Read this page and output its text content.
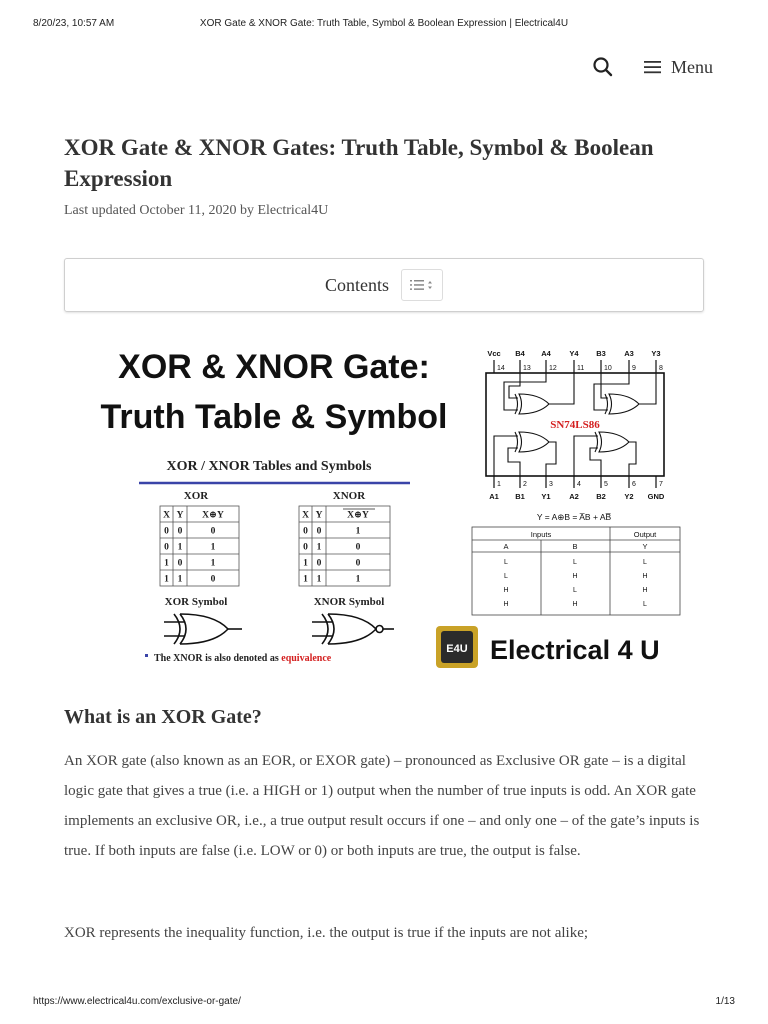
8/20/23, 10:57 AM	XOR Gate & XNOR Gate: Truth Table, Symbol & Boolean Expression | Electrical4U
Menu
XOR Gate & XNOR Gates: Truth Table, Symbol & Boolean Expression
Last updated October 11, 2020 by Electrical4U
Contents
XOR & XNOR Gate:
Truth Table & Symbol
XOR / XNOR Tables and Symbols
XOR	XNOR
X Y X⊕Y
0 0	0
0 1	1
1 0	1
1 1	0
X Y	X⊕Y
0 0	1
0 1	0
1 0	0
1 1	1
XOR Symbol	XNOR Symbol
The XNOR is also denoted as equivalence
Vcc B4 A4 Y4 B3 A3 Y3
14	13	12	11	10	9	8
SN74LS86
1	2	3	4	5	6	7
A1 B1 Y1 A2 B2 Y2 GND
Y = A⊕B = A̅B + AB̅
Inputs	Output
A	B	Y
L	L	L
L	H	H
H	L	H
H	H	L
E4U Electrical 4 U
What is an XOR Gate?

An XOR gate (also known as an EOR, or EXOR gate) – pronounced as Exclusive OR gate – is a digital logic gate that gives a true (i.e. a HIGH or 1) output when the number of true inputs is odd. An XOR gate implements an exclusive OR, i.e., a true output result occurs if one – and only one – of the gate’s inputs is true. If both inputs are false (i.e. LOW or 0) or both inputs are true, the output is false.

XOR represents the inequality function, i.e. the output is true if the inputs are not alike;

https://www.electrical4u.com/exclusive-or-gate/	1/13
